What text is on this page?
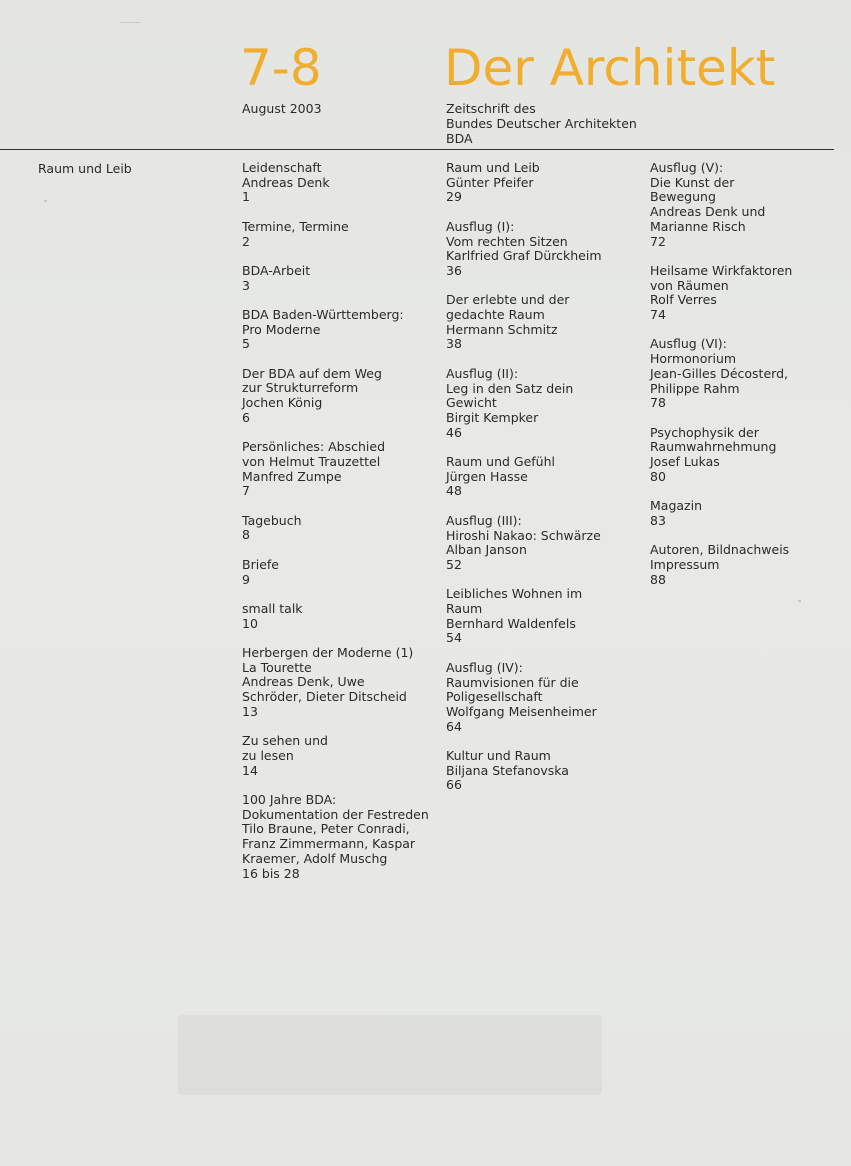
7-8 Der Architekt
August 2003	Zeitschrift des
Bundes Deutscher Architekten
BDA
Raum und Leib	Leidenschaft
Andreas Denk
1
Termine, Termine
2
BDA-Arbeit
3
BDA Baden-Württemberg:
Pro Moderne
5
Der BDA auf dem Weg
zur Strukturreform
Jochen König
6
Persönliches: Abschied
von Helmut Trauzettel
Manfred Zumpe
7
Tagebuch
8
Briefe
9
small talk
10
Herbergen der Moderne (1)
La Tourette
Andreas Denk, Uwe
Schröder, Dieter Ditscheid
13
Zu sehen und
zu lesen
14
100 Jahre BDA:
Dokumentation der Festreden
Tilo Braune, Peter Conradi,
Franz Zimmermann, Kaspar
Kraemer, Adolf Muschg
16 bis 28
Raum und Leib
Günter Pfeifer
29
Ausflug (I):
Vom rechten Sitzen
Karlfried Graf Dürckheim
36
Der erlebte und der
gedachte Raum
Hermann Schmitz
38
Ausflug (II):
Leg in den Satz dein
Gewicht
Birgit Kempker
46
Raum und Gefühl
Jürgen Hasse
48
Ausflug (III):
Hiroshi Nakao: Schwärze
Alban Janson
52
Leibliches Wohnen im
Raum
Bernhard Waldenfels
54
Ausflug (IV):
Raumvisionen für die
Poligesellschaft
Wolfgang Meisenheimer
64
Kultur und Raum
Biljana Stefanovska
66
Ausflug (V):
Die Kunst der
Bewegung
Andreas Denk und
Marianne Risch
72
Heilsame Wirkfaktoren
von Räumen
Rolf Verres
74
Ausflug (VI):
Hormonorium
Jean-Gilles Décosterd,
Philippe Rahm
78
Psychophysik der
Raumwahrnehmung
Josef Lukas
80
Magazin
83
Autoren, Bildnachweis
Impressum
88
